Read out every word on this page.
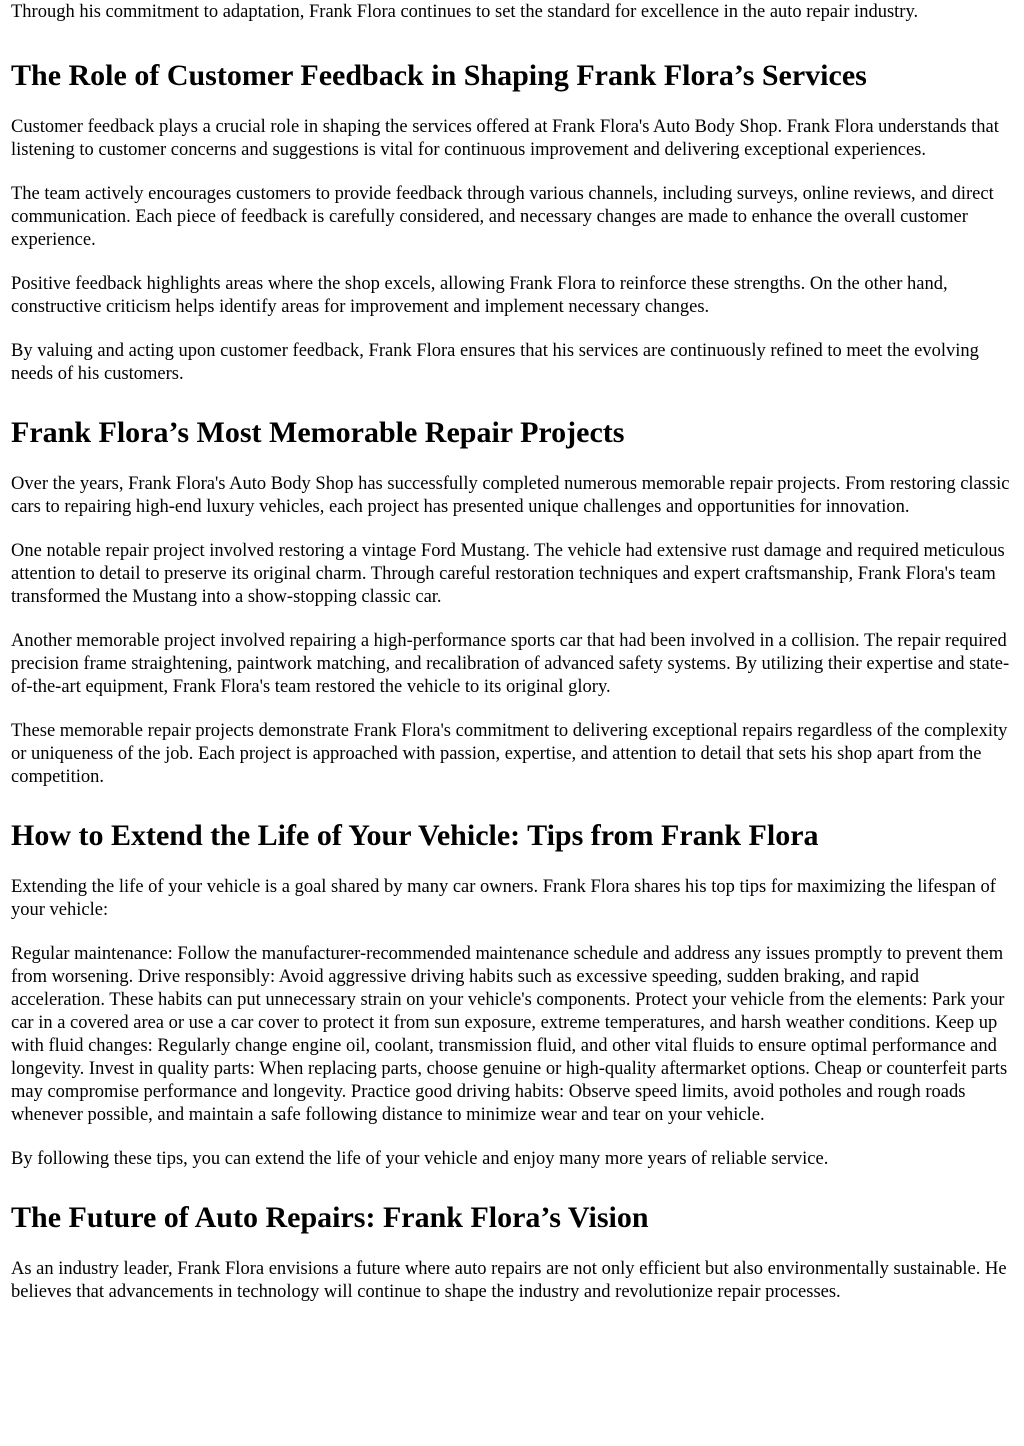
Through his commitment to adaptation, Frank Flora continues to set the standard for excellence in the auto repair industry.

The Role of Customer Feedback in Shaping Frank Flora’s Services

Customer feedback plays a crucial role in shaping the services offered at Frank Flora's Auto Body Shop. Frank Flora understands that listening to customer concerns and suggestions is vital for continuous improvement and delivering exceptional experiences.

The team actively encourages customers to provide feedback through various channels, including surveys, online reviews, and direct communication. Each piece of feedback is carefully considered, and necessary changes are made to enhance the overall customer experience.

Positive feedback highlights areas where the shop excels, allowing Frank Flora to reinforce these strengths. On the other hand, constructive criticism helps identify areas for improvement and implement necessary changes.

By valuing and acting upon customer feedback, Frank Flora ensures that his services are continuously refined to meet the evolving needs of his customers.

Frank Flora’s Most Memorable Repair Projects

Over the years, Frank Flora's Auto Body Shop has successfully completed numerous memorable repair projects. From restoring classic cars to repairing high-end luxury vehicles, each project has presented unique challenges and opportunities for innovation.

One notable repair project involved restoring a vintage Ford Mustang. The vehicle had extensive rust damage and required meticulous attention to detail to preserve its original charm. Through careful restoration techniques and expert craftsmanship, Frank Flora's team transformed the Mustang into a show-stopping classic car.

Another memorable project involved repairing a high-performance sports car that had been involved in a collision. The repair required precision frame straightening, paintwork matching, and recalibration of advanced safety systems. By utilizing their expertise and state-of-the-art equipment, Frank Flora's team restored the vehicle to its original glory.

These memorable repair projects demonstrate Frank Flora's commitment to delivering exceptional repairs regardless of the complexity or uniqueness of the job. Each project is approached with passion, expertise, and attention to detail that sets his shop apart from the competition.

How to Extend the Life of Your Vehicle: Tips from Frank Flora

Extending the life of your vehicle is a goal shared by many car owners. Frank Flora shares his top tips for maximizing the lifespan of your vehicle:

Regular maintenance: Follow the manufacturer-recommended maintenance schedule and address any issues promptly to prevent them from worsening. Drive responsibly: Avoid aggressive driving habits such as excessive speeding, sudden braking, and rapid acceleration. These habits can put unnecessary strain on your vehicle's components. Protect your vehicle from the elements: Park your car in a covered area or use a car cover to protect it from sun exposure, extreme temperatures, and harsh weather conditions. Keep up with fluid changes: Regularly change engine oil, coolant, transmission fluid, and other vital fluids to ensure optimal performance and longevity. Invest in quality parts: When replacing parts, choose genuine or high-quality aftermarket options. Cheap or counterfeit parts may compromise performance and longevity. Practice good driving habits: Observe speed limits, avoid potholes and rough roads whenever possible, and maintain a safe following distance to minimize wear and tear on your vehicle.

By following these tips, you can extend the life of your vehicle and enjoy many more years of reliable service.

The Future of Auto Repairs: Frank Flora’s Vision

As an industry leader, Frank Flora envisions a future where auto repairs are not only efficient but also environmentally sustainable. He believes that advancements in technology will continue to shape the industry and revolutionize repair processes.
